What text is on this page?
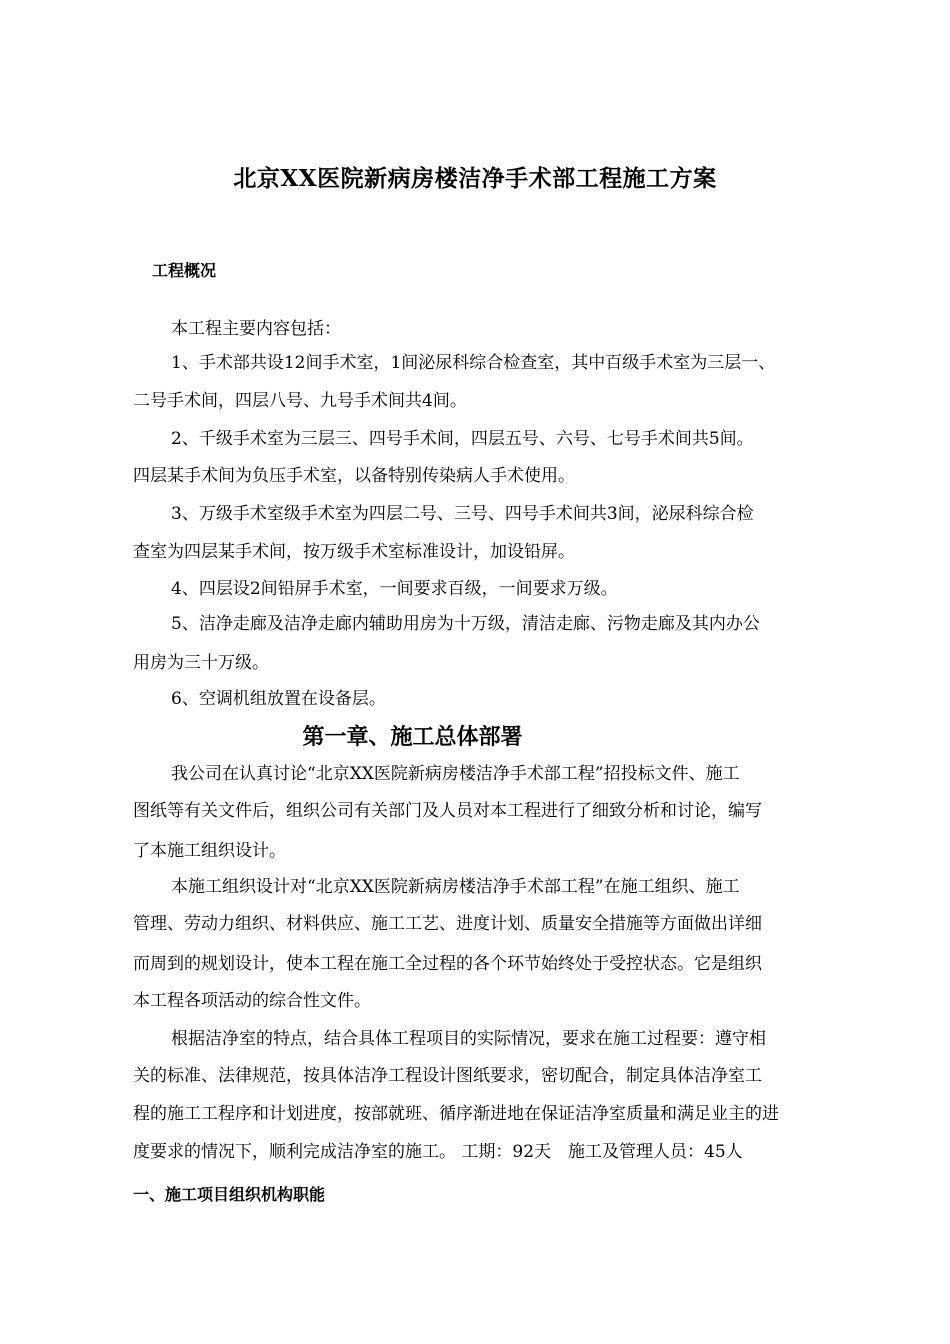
北京XX医院新病房楼洁净手术部工程施工方案
工程概况
本工程主要内容包括：
1、手术部共设12间手术室，1间泌尿科综合检查室，其中百级手术室为三层一、
二号手术间，四层八号、九号手术间共4间。
2、千级手术室为三层三、四号手术间，四层五号、六号、七号手术间共5间。
四层某手术间为负压手术室，以备特别传染病人手术使用。
3、万级手术室级手术室为四层二号、三号、四号手术间共3间，泌尿科综合检
查室为四层某手术间，按万级手术室标准设计，加设铅屏。
4、四层设2间铅屏手术室，一间要求百级，一间要求万级。
5、洁净走廊及洁净走廊内辅助用房为十万级，清洁走廊、污物走廊及其内办公
用房为三十万级。
6、空调机组放置在设备层。
第一章、施工总体部署
我公司在认真讨论“北京XX医院新病房楼洁净手术部工程”招投标文件、施工
图纸等有关文件后，组织公司有关部门及人员对本工程进行了细致分析和讨论，编写
了本施工组织设计。
本施工组织设计对“北京XX医院新病房楼洁净手术部工程”在施工组织、施工
管理、劳动力组织、材料供应、施工工艺、进度计划、质量安全措施等方面做出详细
而周到的规划设计，使本工程在施工全过程的各个环节始终处于受控状态。它是组织
本工程各项活动的综合性文件。
根据洁净室的特点，结合具体工程项目的实际情况，要求在施工过程要：遵守相
关的标准、法律规范，按具体洁净工程设计图纸要求，密切配合，制定具体洁净室工
程的施工工程序和计划进度，按部就班、循序渐进地在保证洁净室质量和满足业主的进
度要求的情况下，顺利完成洁净室的施工。 工期：92天　施工及管理人员：45人
一、施工项目组织机构职能
